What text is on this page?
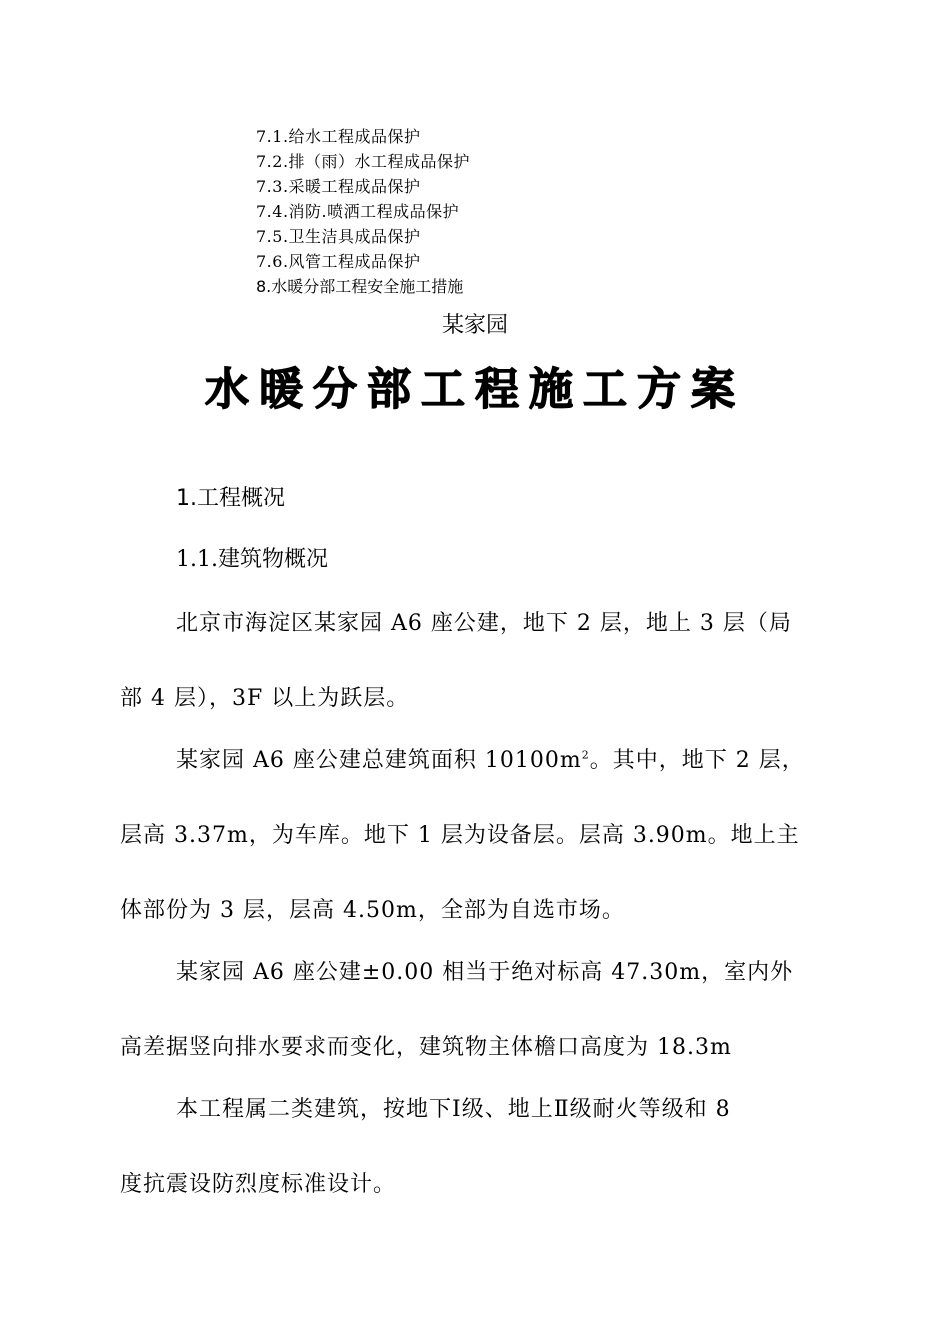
7.1.给水工程成品保护
7.2.排（雨）水工程成品保护
7.3.采暖工程成品保护
7.4.消防.喷洒工程成品保护
7.5.卫生洁具成品保护
7.6.风管工程成品保护
8.水暖分部工程安全施工措施
某家园
水暖分部工程施工方案
1.工程概况
1.1.建筑物概况
北京市海淀区某家园 A6 座公建，地下 2 层，地上 3 层（局
部 4 层），3F 以上为跃层。
某家园 A6 座公建总建筑面积 $10100m^2$。其中，地下 2 层，
层高 3.37m，为车库。地下 1 层为设备层。层高 3.90m。地上主
体部份为 3 层，层高 4.50m，全部为自选市场。
某家园 A6 座公建±0.00 相当于绝对标高 47.30m，室内外
高差据竖向排水要求而变化，建筑物主体檐口高度为 18.3m
本工程属二类建筑，按地下Ⅰ级、地上Ⅱ级耐火等级和 8
度抗震设防烈度标准设计。
